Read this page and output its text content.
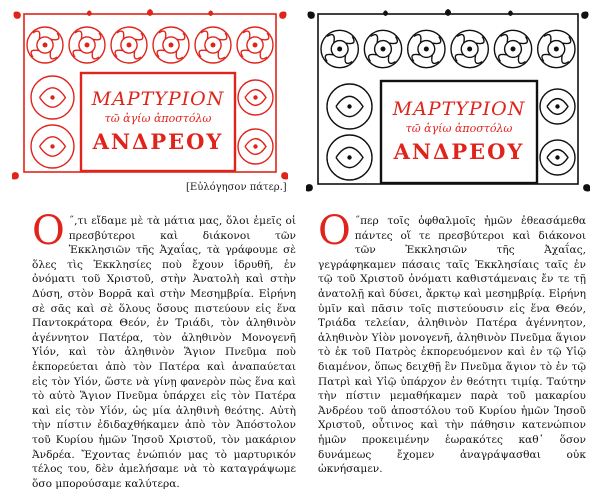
ΜΑΡΤΥΡΙΟΝ
τῶ ἁγίω ἀποστόλω
ΑΝΔΡΕΟΥ
[Εὐλόγησον πάτερ.]
ΜΑΡΤΥΡΙΟΝ
τῶ ἁγίω ἀποστόλω
ΑΝΔΡΕΟΥ
Ο ˝,τι εἴδαμε μὲ τὰ μάτια μας, ὅλοι ἐμεῖς οἱ πρεσβύτεροι καὶ διάκονοι τῶν Ἐκκλησιῶν τῆς Ἀχαΐας, τὰ γράφουμε σὲ ὅλες τὶς Ἐκκλησίες ποὺ ἔχουν ἱδρυθῆ, ἐν ὀνόματι τοῦ Χριστοῦ, στὴν Ἀνατολὴ καὶ στὴν Δύση, στὸν Βορρᾶ καὶ στὴν Μεσημβρία. Εἰρήνη σὲ σᾶς καὶ σὲ ὅλους ὅσους πιστεύουν εἰς ἕνα Παντοκράτορα Θεόν, ἐν Τριάδι, τὸν ἀληθινὸν ἀγέννητον Πατέρα, τὸν ἀληθινὸν Μονογενῆ Υἱόν, καὶ τὸν ἀληθινὸν Ἅγιον Πνεῦμα ποὺ ἐκπορεύεται ἀπὸ τὸν Πατέρα καὶ ἀναπαύεται εἰς τὸν Υἱόν, ὥστε νὰ γίνῃ φανερὸν πὼς ἕνα καὶ τὸ αὐτὸ Ἅγιον Πνεῦμα ὑπάρχει εἰς τὸν Πατέρα καὶ εἰς τὸν Υἱόν, ὡς μία ἀληθινὴ θεότης. Αὐτὴ τὴν πίστιν ἐδιδαχθήκαμεν ἀπὸ τὸν Ἀπόστολον τοῦ Κυρίου ἡμῶν Ἰησοῦ Χριστοῦ, τὸν μακάριον Ἀνδρέα. Ἔχοντας ἐνώπιόν μας τὸ μαρτυρικόν τέλος του, δὲν ἀμελήσαμε νὰ τὸ καταγράψωμε ὅσο μπορούσαμε καλύτερα.
Ο ˝περ τοῖς ὀφθαλμοῖς ἡμῶν ἐθεασάμεθα πάντες οἵ τε πρεσβύτεροι καὶ διάκονοι τῶν Ἐκκλησιῶν τῆς Ἀχαΐας, γεγράφηκαμεν πάσαις ταῖς Ἐκκλησίαις ταῖς ἐν τῷ τοῦ Χριστοῦ ὀνόματι καθιστάμεναις ἔν τε τῇ ἀνατολῇ καὶ δύσει, ἄρκτῳ καὶ μεσημβρίᾳ. Εἰρήνη ὑμῖν καὶ πᾶσιν τοῖς πιστεύουσιν εἰς ἕνα Θεόν, Τριάδα τελείαν, ἀληθινὸν Πατέρα ἀγέννητον, ἀληθινὸν Υἱὸν μονογενῆ, ἀληθινὸν Πνεῦμα ἅγιον τὸ ἐκ τοῦ Πατρὸς ἐκπορευόμενον καὶ ἐν τῷ Υἱῷ διαμένον, ὅπως δειχθῇ ἓν Πνεῦμα ἅγιον τὸ ἐν τῷ Πατρὶ καὶ Υἱῷ ὑπάρχον ἐν θεότητι τιμίᾳ. Ταύτην τὴν πίστιν μεμαθήκαμεν παρὰ τοῦ μακαρίου Ἀνδρέου τοῦ ἀποστόλου τοῦ Κυρίου ἡμῶν Ἰησοῦ Χριστοῦ, οὗτινος καὶ τὴν πάθησιν κατενώπιον ἡμῶν προκειμένην ἑωρακότες καθ᾽ ὅσον δυνάμεως ἔχομεν ἀναγράψασθαι οὐκ ὠκνήσαμεν.
